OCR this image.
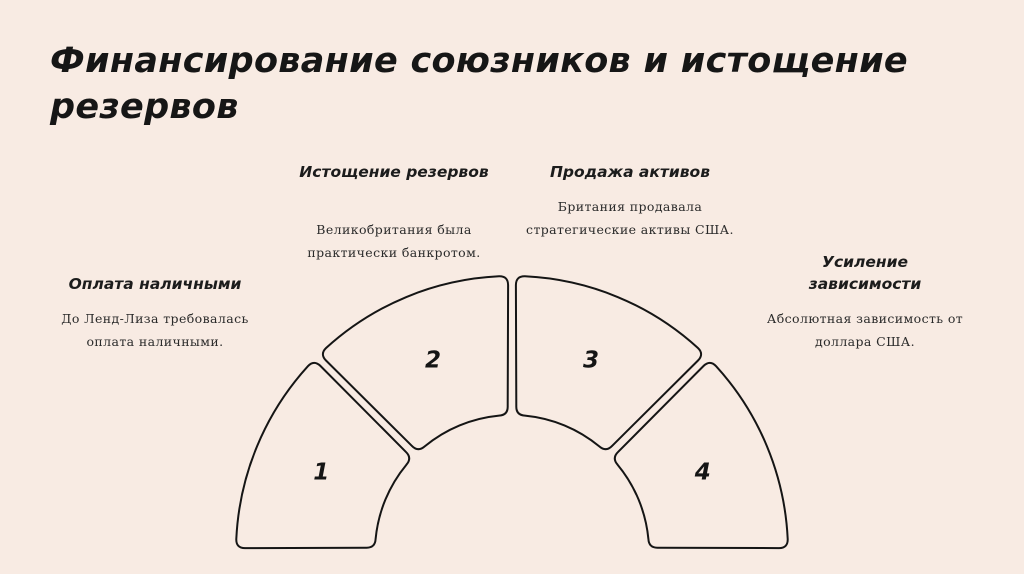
Финансирование союзников и истощение резервов
Оплата наличными
До Ленд-Лиза требовалась оплата наличными.
Истощение резервов
Великобритания была практически банкротом.
Продажа активов
Британия продавала стратегические активы США.
Усиление зависимости
Абсолютная зависимость от доллара США.
1
2	3
4
